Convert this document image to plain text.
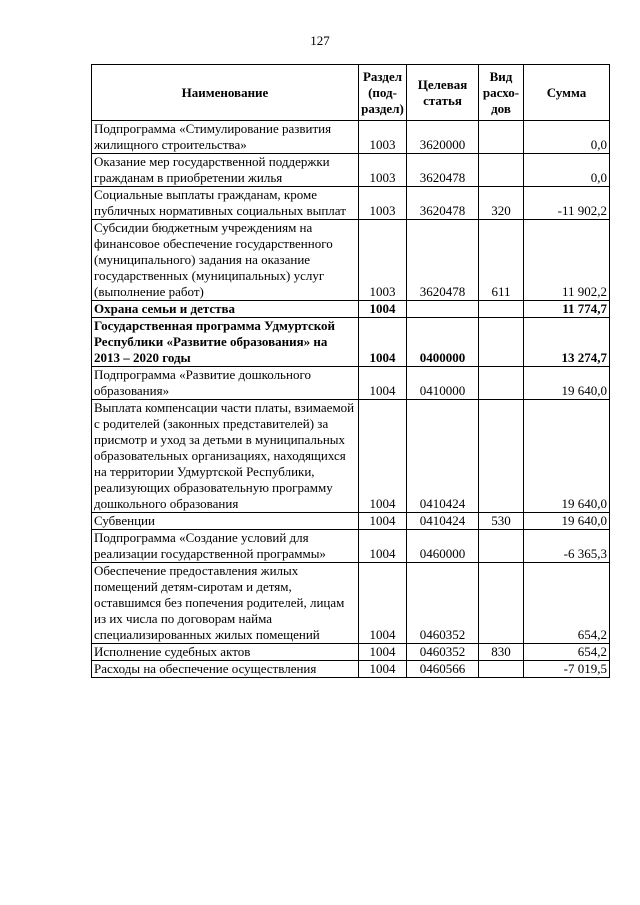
127
Наименование	Раздел (под-раздел)	Целевая статья	Вид расхо-дов	Сумма
Подпрограмма «Стимулирование развития жилищного строительства»	1003	3620000		0,0
Оказание мер государственной поддержки гражданам в приобретении жилья	1003	3620478		0,0
Социальные выплаты гражданам, кроме публичных нормативных социальных выплат	1003	3620478	320	-11 902,2
Субсидии бюджетным учреждениям на финансовое обеспечение государственного (муниципального) задания на оказание государственных (муниципальных) услуг (выполнение работ)	1003	3620478	611	11 902,2
Охрана семьи и детства	1004			11 774,7
Государственная программа Удмуртской Республики «Развитие образования» на 2013 – 2020 годы	1004	0400000		13 274,7
Подпрограмма «Развитие дошкольного образования»	1004	0410000		19 640,0
Выплата компенсации части платы, взимаемой с родителей (законных представителей) за присмотр и уход за детьми в муниципальных образовательных организациях, находящихся на территории Удмуртской Республики, реализующих образовательную программу дошкольного образования	1004	0410424		19 640,0
Субвенции	1004	0410424	530	19 640,0
Подпрограмма «Создание условий для реализации государственной программы»	1004	0460000		-6 365,3
Обеспечение предоставления жилых помещений детям-сиротам и детям, оставшимся без попечения родителей, лицам из их числа по договорам найма специализированных жилых помещений	1004	0460352		654,2
Исполнение судебных актов	1004	0460352	830	654,2
Расходы на обеспечение осуществления	1004	0460566		-7 019,5
